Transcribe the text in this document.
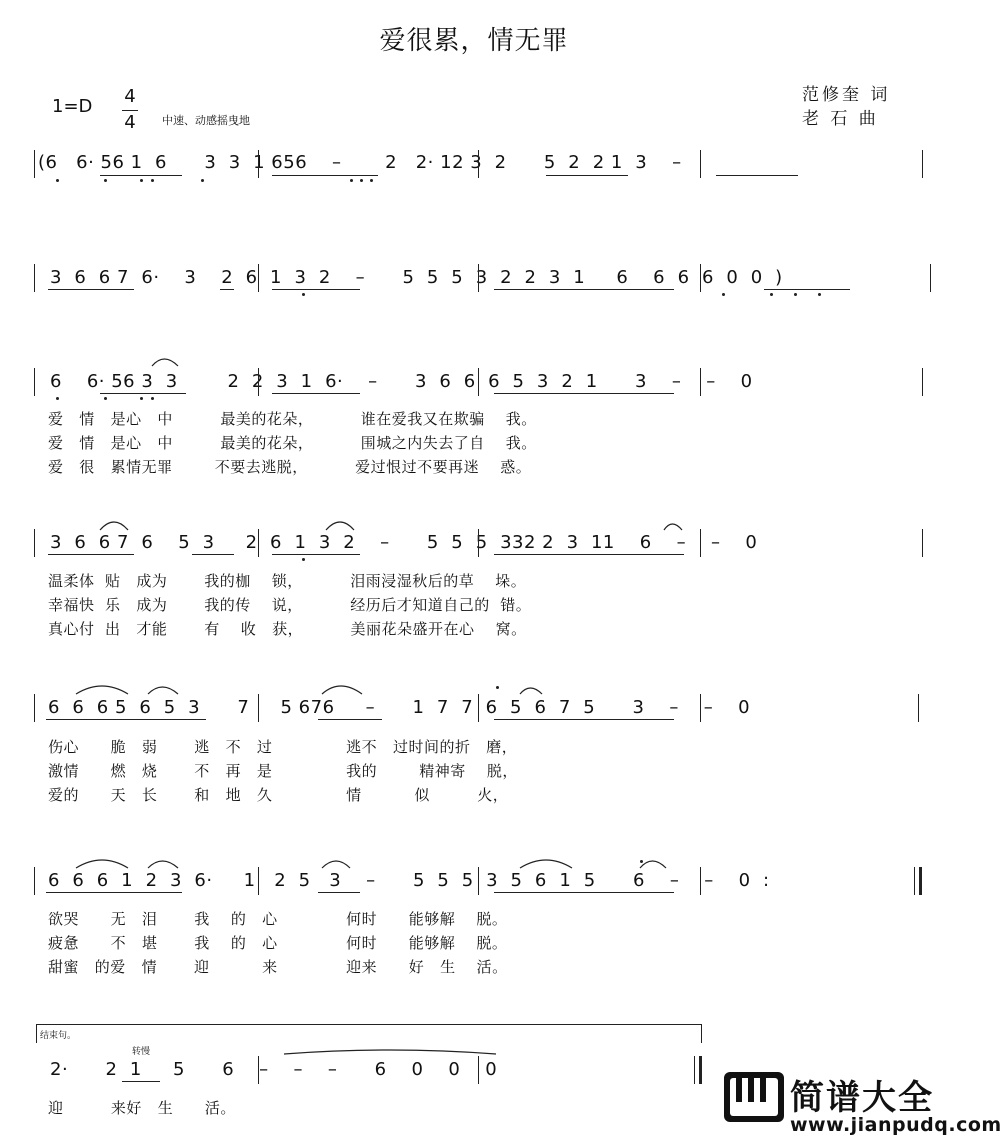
爱很累，情无罪
1=D 4
4 中速、动感摇曳地
范修奎 词
老 石 曲
(6   6· 56 1  6      3  3  1 656    –       2   2· 12 3  2      5  2  2 1  3    –
3  6  6 7  6·    3    2  6  1  3  2    –      5  5  5  3  2  2  3  1     6    6  6  6  0  0  )
6    6· 56 3  3        2  2  3  1  6·    –      3  6  6  6  5  3  2  1      3    –    –    0
爱   情   是心   中         最美的花朵，         谁在爱我又在欺骗    我。
爱   情   是心   中         最美的花朵，         围城之内失去了自    我。
爱   很   累情无罪        不要去逃脱，         爱过恨过不要再迷    惑。
3  6  6 7  6    5  3     2  6  1  3  2    –      5  5  5  332 2  3  11    6    –    –    0
温柔体  贴   成为       我的枷    锁，         泪雨浸湿秋后的草    垛。
幸福快  乐   成为       我的传    说，         经历后才知道自己的  错。
真心付  出   才能       有    收   获，         美丽花朵盛开在心    窝。
6  6  6 5  6  5  3      7     5 676     –      1  7  7  6  5  6  7  5      3    –    –    0
伤心      脆   弱       逃   不   过              逃不   过时间的折   磨，
激情      燃   烧       不   再   是              我的        精神寄    脱，
爱的      天   长       和   地   久              情          似         火，
6  6  6  1  2  3  6·     1   2  5   3    –      5  5  5  3  5  6  1  5      6    –    –    0  :
欲哭      无   泪       我    的   心             何时      能够解    脱。
疲惫      不   堪       我    的   心             何时      能够解    脱。
甜蜜   的爱   情       迎          来             迎来      好   生    活。
结束句。
转慢
2·      2  1     5      6    –    –    –      6    0    0    0
迎         来好   生      活。	简谱大全
www.jianpudq.com
